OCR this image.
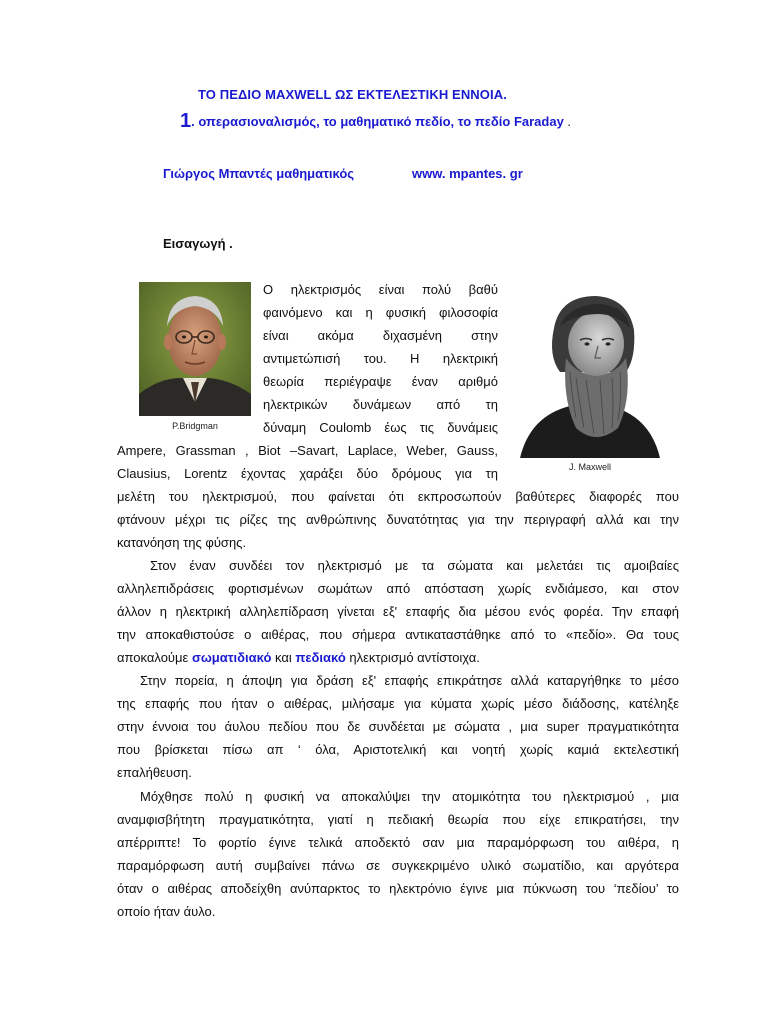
ΤΟ ΠΕΔΙΟ MAXWELL ΩΣ ΕΚΤΕΛΕΣΤΙΚΗ ΕΝΝΟΙΑ.
1. οπερασιοναλισμός, το μαθηματικό πεδίο, το πεδίο Faraday .
Γιώργος Μπαντές μαθηματικός	www. mpantes. gr
Εισαγωγή .
P.Bridgman
J. Maxwell
Ο ηλεκτρισμός είναι πολύ βαθύ
φαινόμενο και η φυσική φιλοσοφία
είναι ακόμα διχασμένη στην
αντιμετώπισή του. Η ηλεκτρική
θεωρία περιέγραψε έναν αριθμό
ηλεκτρικών δυνάμεων από τη
δύναμη Coulomb έως τις δυνάμεις
Ampere, Grassman , Biot –Savart, Laplace, Weber, Gauss,
Clausius, Lorentz έχοντας χαράξει δύο δρόμους για τη
μελέτη του ηλεκτρισμού, που φαίνεται ότι εκπροσωπούν βαθύτερες διαφορές που
φτάνουν μέχρι τις ρίζες της ανθρώπινης δυνατότητας για την περιγραφή αλλά και την
κατανόηση της φύσης.
Στον έναν συνδέει τον ηλεκτρισμό με τα σώματα και μελετάει τις αμοιβαίες
αλληλεπιδράσεις φορτισμένων σωμάτων από απόσταση χωρίς ενδιάμεσο, και στον
άλλον η ηλεκτρική αλληλεπίδραση γίνεται εξ' επαφής δια μέσου ενός φορέα. Την επαφή
την αποκαθιστούσε ο αιθέρας, που σήμερα αντικαταστάθηκε από το «πεδίο». Θα τους
αποκαλούμε σωματιδιακό και πεδιακό ηλεκτρισμό αντίστοιχα.
Στην πορεία, η άποψη για δράση εξ' επαφής επικράτησε αλλά καταργήθηκε το μέσο
της επαφής που ήταν ο αιθέρας, μιλήσαμε για κύματα χωρίς μέσο διάδοσης, κατέληξε
στην έννοια του άυλου πεδίου που δε συνδέεται με σώματα , μια super πραγματικότητα
που βρίσκεται πίσω απ ‘ όλα, Αριστοτελική και νοητή χωρίς καμιά εκτελεστική
επαλήθευση.
Μόχθησε πολύ η φυσική να αποκαλύψει την ατομικότητα του ηλεκτρισμού , μια
αναμφισβήτητη πραγματικότητα, γιατί η πεδιακή θεωρία που είχε επικρατήσει, την
απέρριπτε! Το φορτίο έγινε τελικά αποδεκτό σαν μια παραμόρφωση του αιθέρα, η
παραμόρφωση αυτή συμβαίνει πάνω σε συγκεκριμένο υλικό σωματίδιο, και αργότερα
όταν ο αιθέρας αποδείχθη ανύπαρκτος το ηλεκτρόνιο έγινε μια πύκνωση του ‘πεδίου’ το
οποίο ήταν άυλο.
